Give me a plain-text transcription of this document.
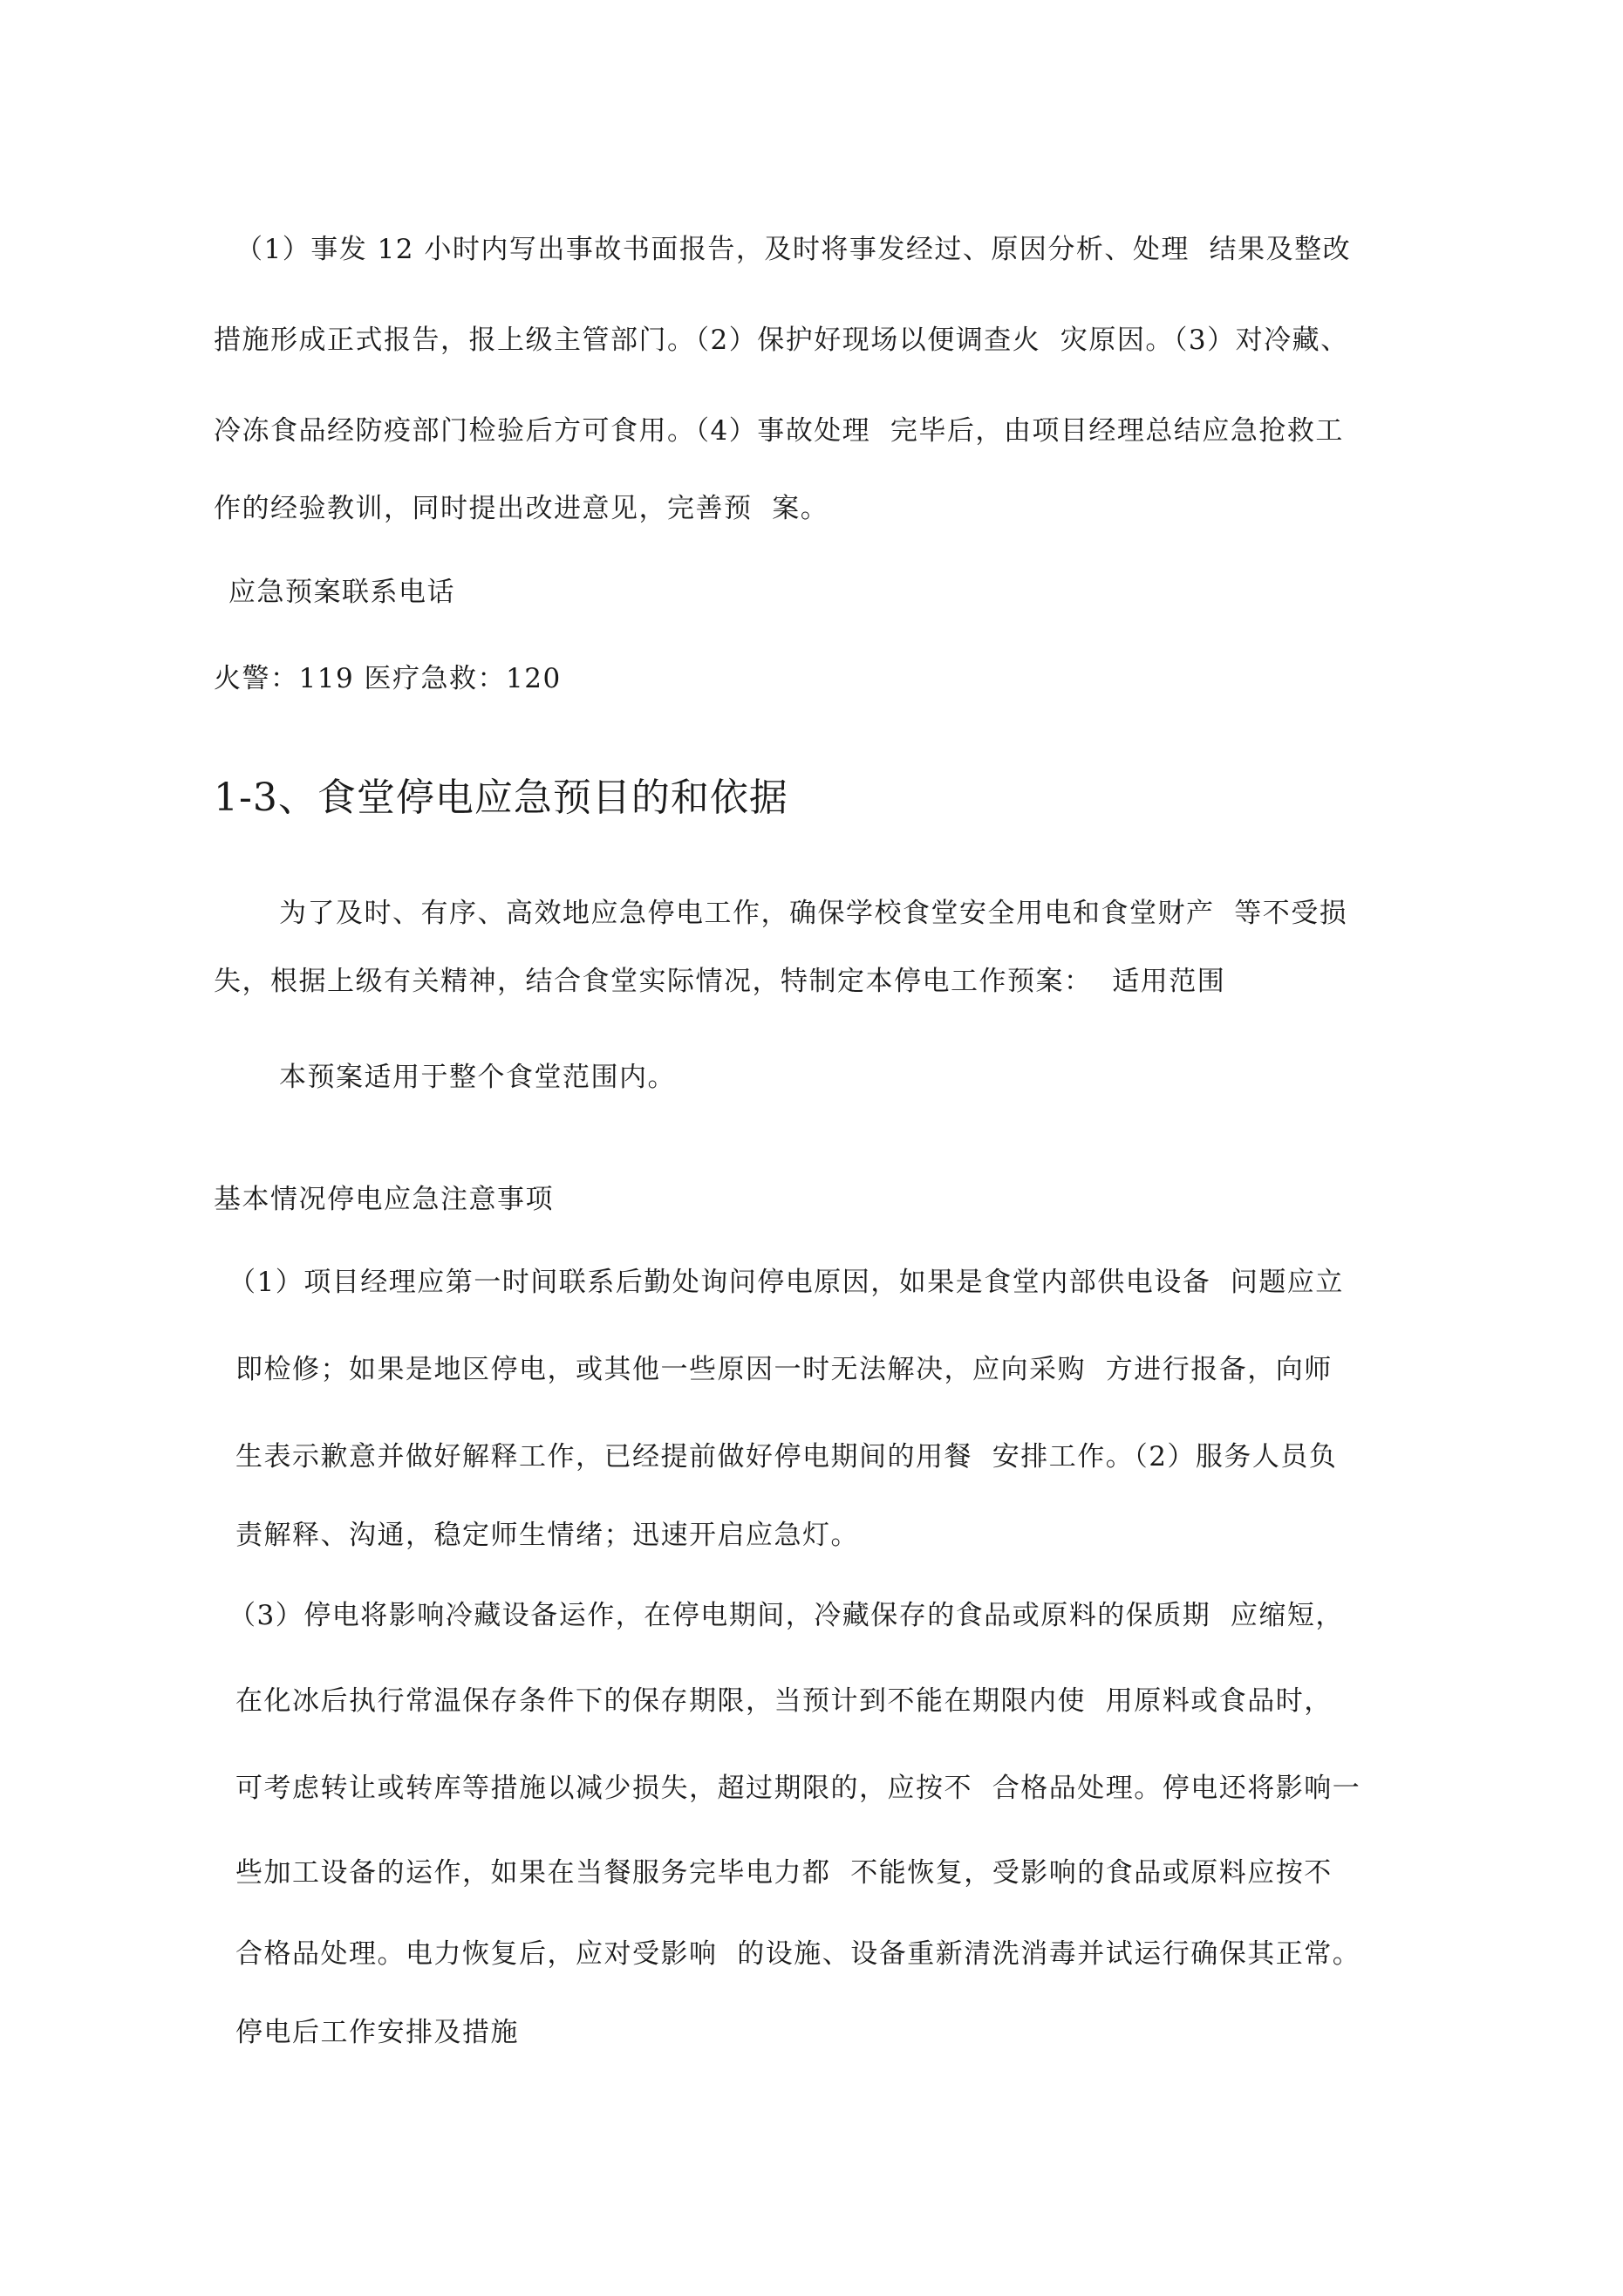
（1）事发 12 小时内写出事故书面报告，及时将事发经过、原因分析、处理  结果及整改
措施形成正式报告，报上级主管部门。（2）保护好现场以便调查火  灾原因。（3）对冷藏、
冷冻食品经防疫部门检验后方可食用。（4）事故处理  完毕后，由项目经理总结应急抢救工
作的经验教训，同时提出改进意见，完善预  案。
应急预案联系电话
火警：119 医疗急救：120
1-3、食堂停电应急预目的和依据
为了及时、有序、高效地应急停电工作，确保学校食堂安全用电和食堂财产  等不受损
失，根据上级有关精神，结合食堂实际情况，特制定本停电工作预案：  适用范围
本预案适用于整个食堂范围内。
基本情况停电应急注意事项
（1）项目经理应第一时间联系后勤处询问停电原因，如果是食堂内部供电设备  问题应立
即检修；如果是地区停电，或其他一些原因一时无法解决，应向采购  方进行报备，向师
生表示歉意并做好解释工作，已经提前做好停电期间的用餐  安排工作。（2）服务人员负
责解释、沟通，稳定师生情绪；迅速开启应急灯。
（3）停电将影响冷藏设备运作，在停电期间，冷藏保存的食品或原料的保质期  应缩短，
在化冰后执行常温保存条件下的保存期限，当预计到不能在期限内使  用原料或食品时，
可考虑转让或转库等措施以减少损失，超过期限的，应按不  合格品处理。停电还将影响一
些加工设备的运作，如果在当餐服务完毕电力都  不能恢复，受影响的食品或原料应按不
合格品处理。电力恢复后，应对受影响  的设施、设备重新清洗消毒并试运行确保其正常。
停电后工作安排及措施
